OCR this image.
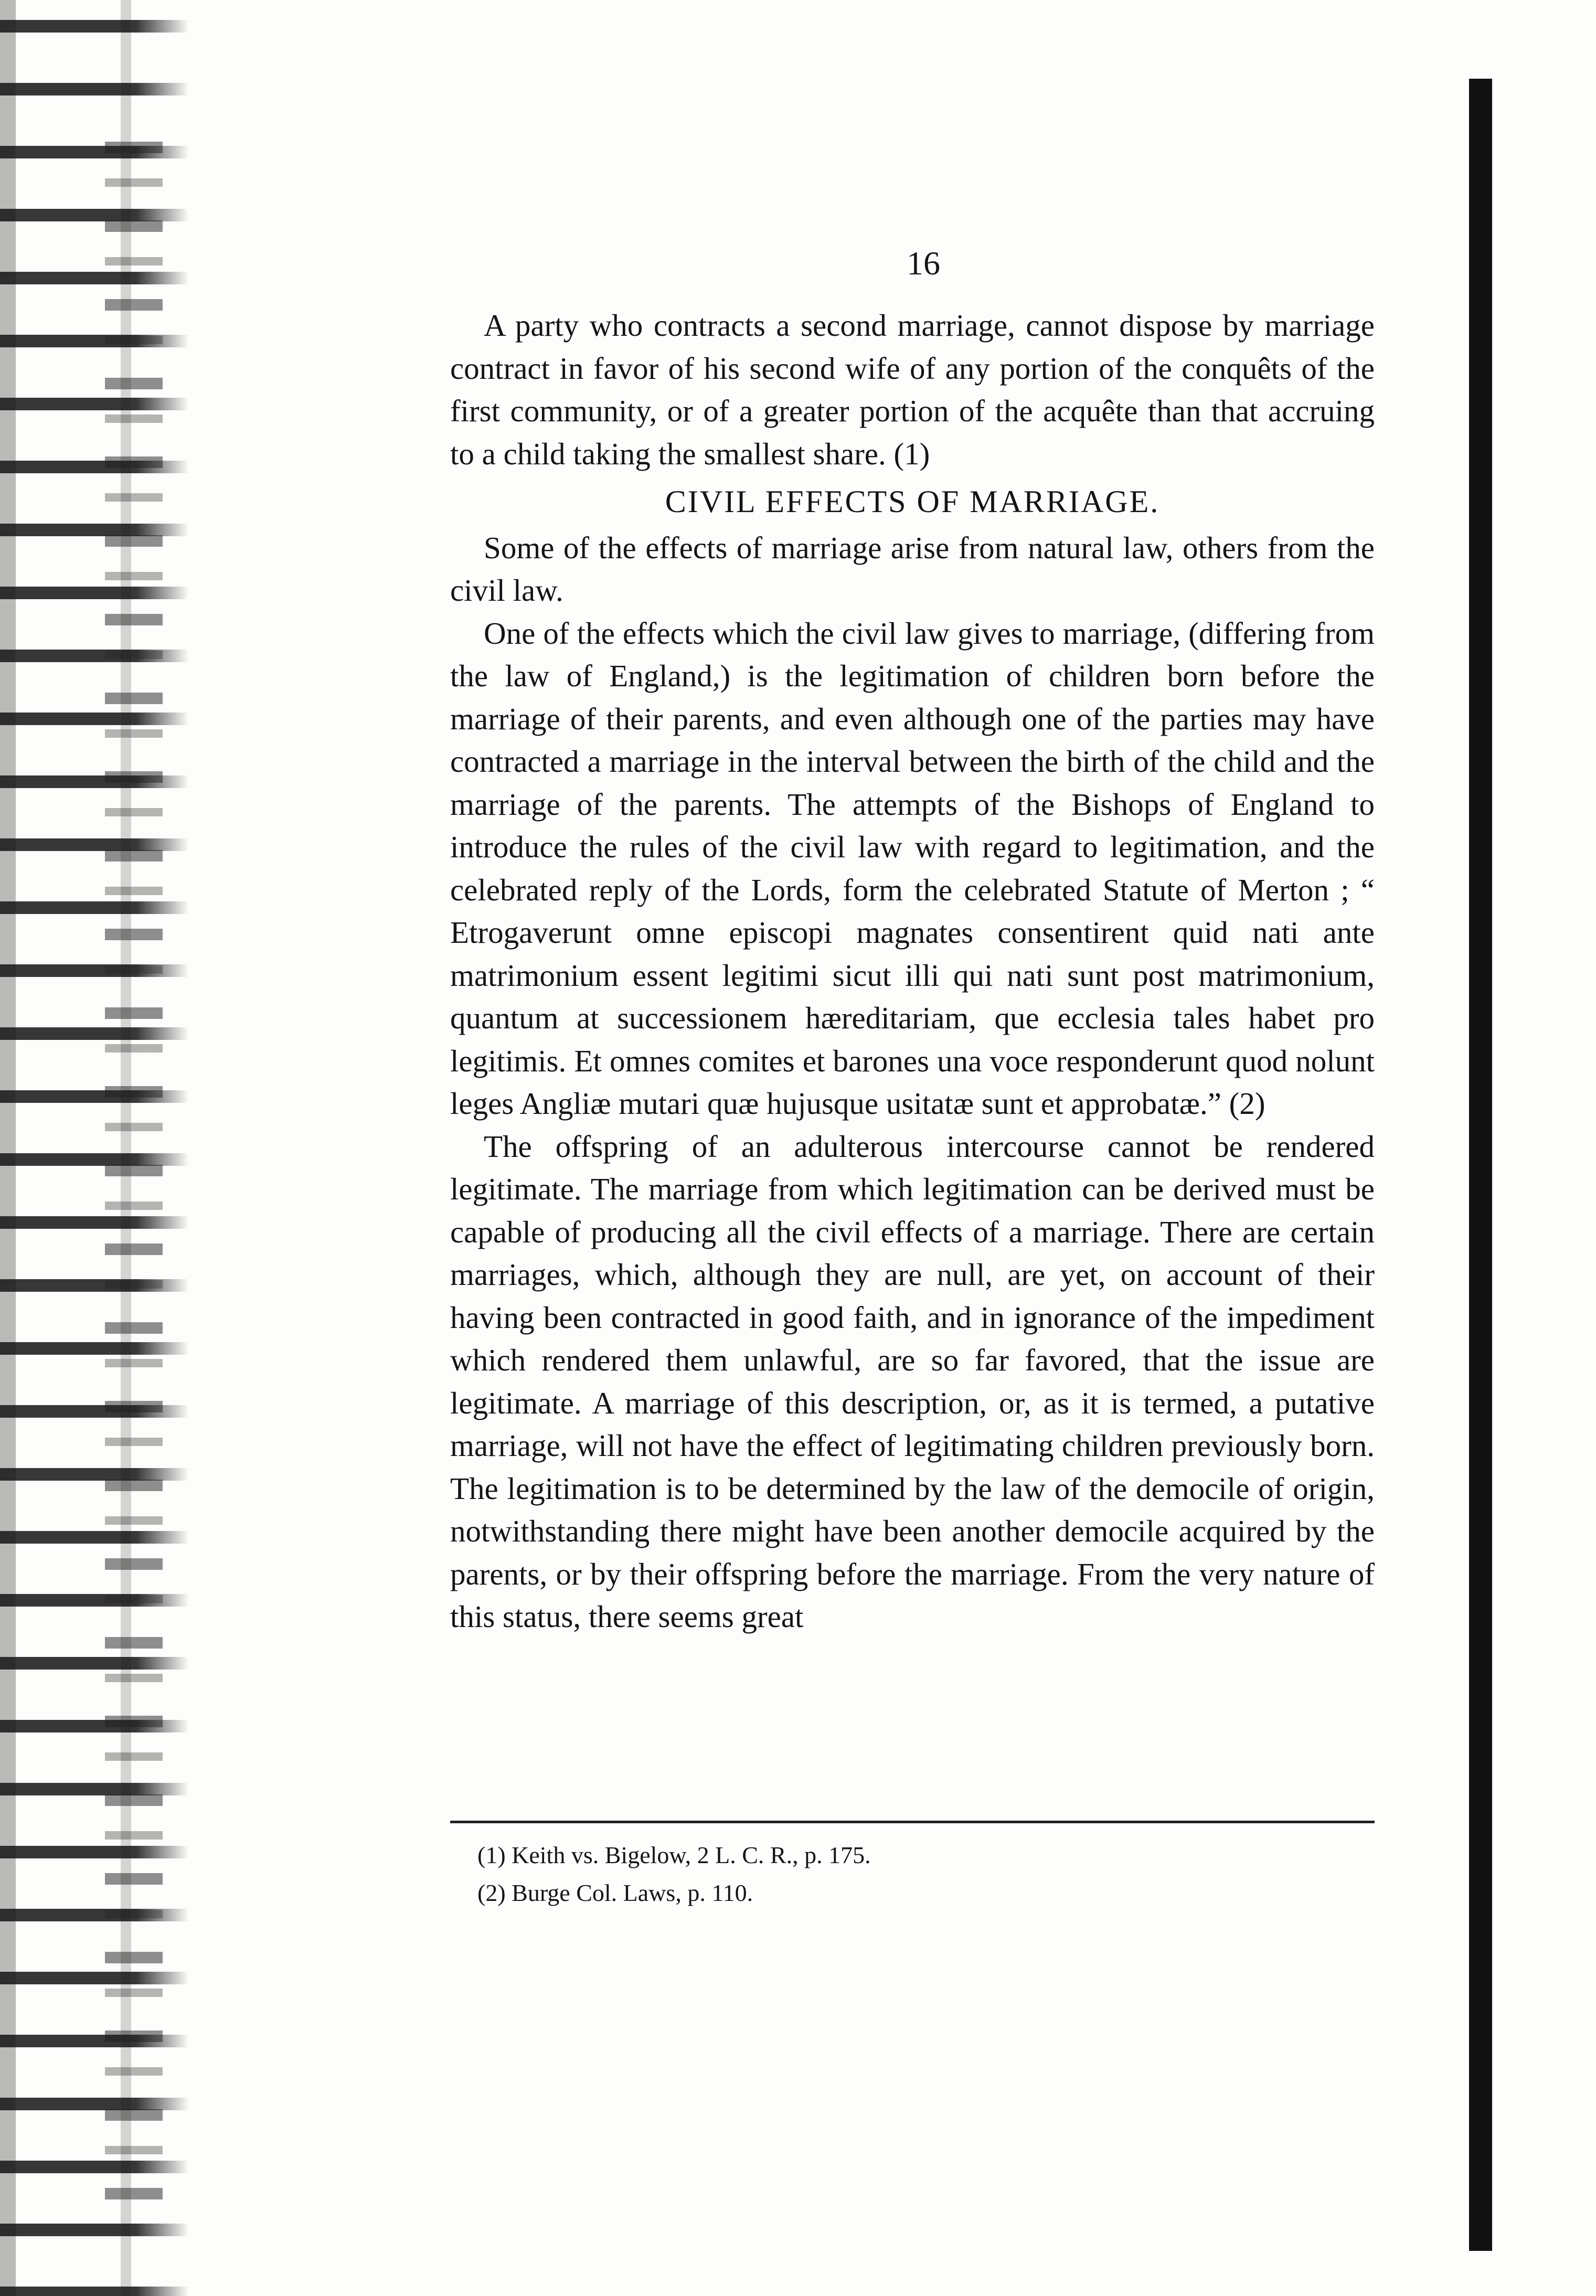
16

A party who contracts a second marriage, cannot dispose by marriage contract in favor of his second wife of any portion of the conquêts of the first community, or of a greater portion of the acquête than that accruing to a child taking the smallest share. (1)

CIVIL EFFECTS OF MARRIAGE.

Some of the effects of marriage arise from natural law, others from the civil law.

One of the effects which the civil law gives to marriage, (differing from the law of England,) is the legitimation of children born before the marriage of their parents, and even although one of the parties may have contracted a marriage in the interval between the birth of the child and the marriage of the parents. The attempts of the Bishops of England to introduce the rules of the civil law with regard to legitimation, and the celebrated reply of the Lords, form the celebrated Statute of Merton ; “ Etrogaverunt omne episcopi magnates consentirent quid nati ante matrimonium essent legitimi sicut illi qui nati sunt post matrimonium, quantum at successionem hæreditariam, que ecclesia tales habet pro legitimis. Et omnes comites et barones una voce responderunt quod nolunt leges Angliæ mutari quæ hujusque usitatæ sunt et approbatæ.” (2)

The offspring of an adulterous intercourse cannot be rendered legitimate. The marriage from which legitimation can be derived must be capable of producing all the civil effects of a marriage. There are certain marriages, which, although they are null, are yet, on account of their having been contracted in good faith, and in ignorance of the impediment which rendered them unlawful, are so far favored, that the issue are legitimate. A marriage of this description, or, as it is termed, a putative marriage, will not have the effect of legitimating children previously born. The legitimation is to be determined by the law of the democile of origin, notwithstanding there might have been another democile acquired by the parents, or by their offspring before the marriage. From the very nature of this status, there seems great

(1) Keith vs. Bigelow, 2 L. C. R., p. 175.
(2) Burge Col. Laws, p. 110.
